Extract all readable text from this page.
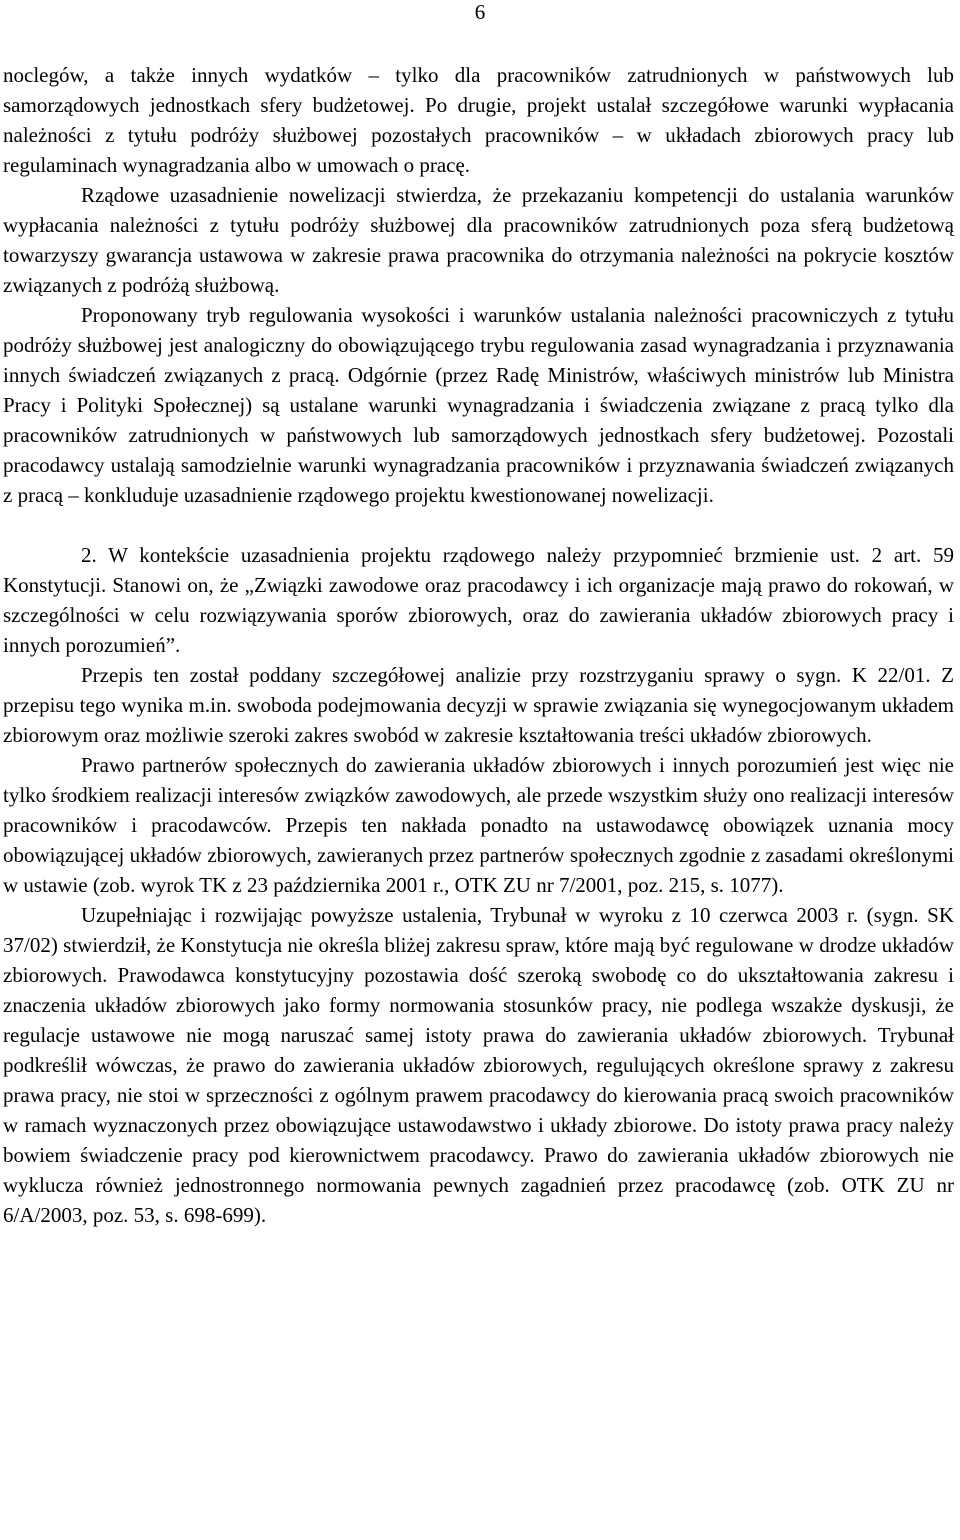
6

noclegów, a także innych wydatków – tylko dla pracowników zatrudnionych w państwowych lub samorządowych jednostkach sfery budżetowej. Po drugie, projekt ustalał szczegółowe warunki wypłacania należności z tytułu podróży służbowej pozostałych pracowników – w układach zbiorowych pracy lub regulaminach wynagradzania albo w umowach o pracę.

Rządowe uzasadnienie nowelizacji stwierdza, że przekazaniu kompetencji do ustalania warunków wypłacania należności z tytułu podróży służbowej dla pracowników zatrudnionych poza sferą budżetową towarzyszy gwarancja ustawowa w zakresie prawa pracownika do otrzymania należności na pokrycie kosztów związanych z podróżą służbową.

Proponowany tryb regulowania wysokości i warunków ustalania należności pracowniczych z tytułu podróży służbowej jest analogiczny do obowiązującego trybu regulowania zasad wynagradzania i przyznawania innych świadczeń związanych z pracą. Odgórnie (przez Radę Ministrów, właściwych ministrów lub Ministra Pracy i Polityki Społecznej) są ustalane warunki wynagradzania i świadczenia związane z pracą tylko dla pracowników zatrudnionych w państwowych lub samorządowych jednostkach sfery budżetowej. Pozostali pracodawcy ustalają samodzielnie warunki wynagradzania pracowników i przyznawania świadczeń związanych z pracą – konkluduje uzasadnienie rządowego projektu kwestionowanej nowelizacji.

2. W kontekście uzasadnienia projektu rządowego należy przypomnieć brzmienie ust. 2 art. 59 Konstytucji. Stanowi on, że „Związki zawodowe oraz pracodawcy i ich organizacje mają prawo do rokowań, w szczególności w celu rozwiązywania sporów zbiorowych, oraz do zawierania układów zbiorowych pracy i innych porozumień”.

Przepis ten został poddany szczegółowej analizie przy rozstrzyganiu sprawy o sygn. K 22/01. Z przepisu tego wynika m.in. swoboda podejmowania decyzji w sprawie związania się wynegocjowanym układem zbiorowym oraz możliwie szeroki zakres swobód w zakresie kształtowania treści układów zbiorowych.

Prawo partnerów społecznych do zawierania układów zbiorowych i innych porozumień jest więc nie tylko środkiem realizacji interesów związków zawodowych, ale przede wszystkim służy ono realizacji interesów pracowników i pracodawców. Przepis ten nakłada ponadto na ustawodawcę obowiązek uznania mocy obowiązującej układów zbiorowych, zawieranych przez partnerów społecznych zgodnie z zasadami określonymi w ustawie (zob. wyrok TK z 23 października 2001 r., OTK ZU nr 7/2001, poz. 215, s. 1077).

Uzupełniając i rozwijając powyższe ustalenia, Trybunał w wyroku z 10 czerwca 2003 r. (sygn. SK 37/02) stwierdził, że Konstytucja nie określa bliżej zakresu spraw, które mają być regulowane w drodze układów zbiorowych. Prawodawca konstytucyjny pozostawia dość szeroką swobodę co do ukształtowania zakresu i znaczenia układów zbiorowych jako formy normowania stosunków pracy, nie podlega wszakże dyskusji, że regulacje ustawowe nie mogą naruszać samej istoty prawa do zawierania układów zbiorowych. Trybunał podkreślił wówczas, że prawo do zawierania układów zbiorowych, regulujących określone sprawy z zakresu prawa pracy, nie stoi w sprzeczności z ogólnym prawem pracodawcy do kierowania pracą swoich pracowników w ramach wyznaczonych przez obowiązujące ustawodawstwo i układy zbiorowe. Do istoty prawa pracy należy bowiem świadczenie pracy pod kierownictwem pracodawcy. Prawo do zawierania układów zbiorowych nie wyklucza również jednostronnego normowania pewnych zagadnień przez pracodawcę (zob. OTK ZU nr 6/A/2003, poz. 53, s. 698-699).
